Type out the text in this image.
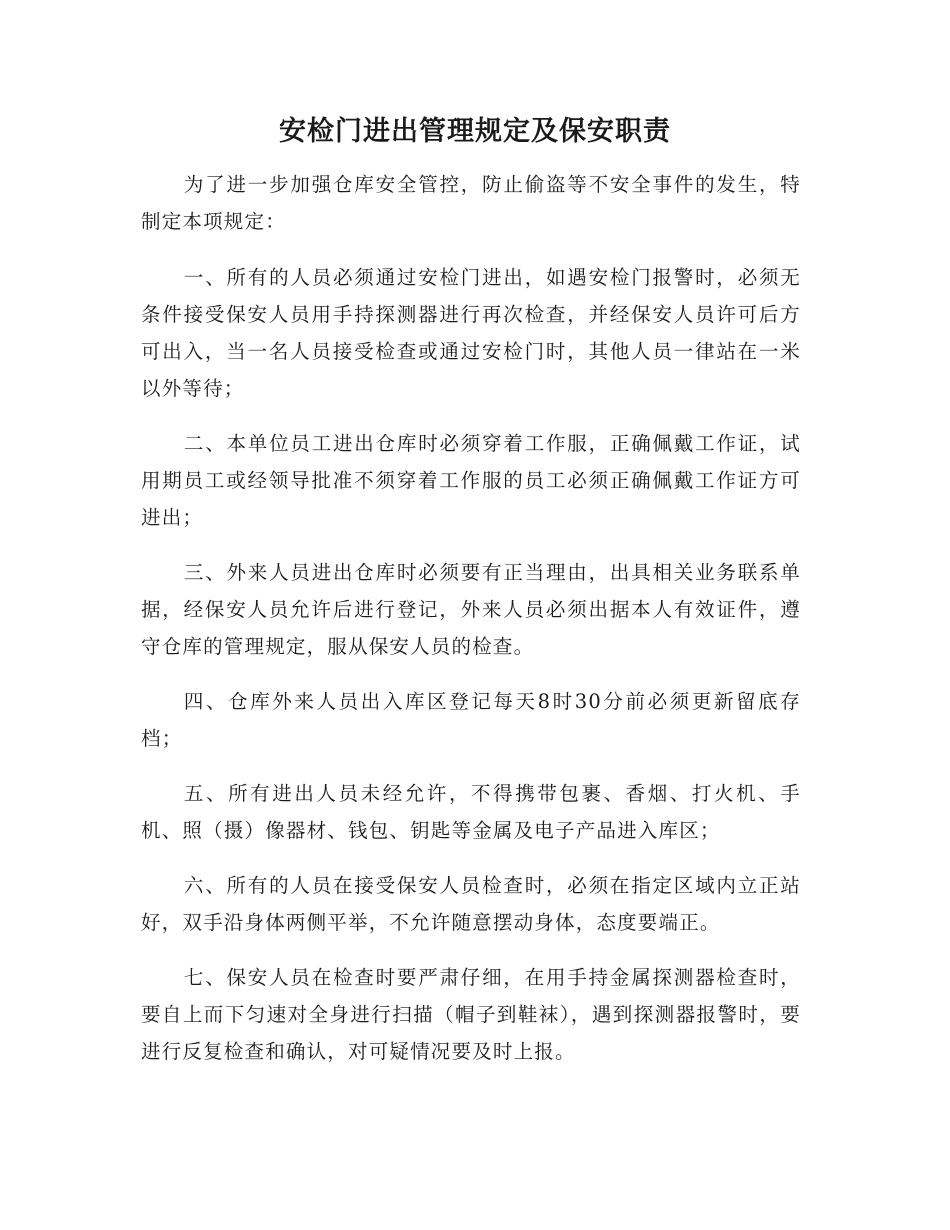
安检门进出管理规定及保安职责

为了进一步加强仓库安全管控，防止偷盗等不安全事件的发生，特制定本项规定：

一、所有的人员必须通过安检门进出，如遇安检门报警时，必须无条件接受保安人员用手持探测器进行再次检查，并经保安人员许可后方可出入，当一名人员接受检查或通过安检门时，其他人员一律站在一米以外等待；

二、本单位员工进出仓库时必须穿着工作服，正确佩戴工作证，试用期员工或经领导批准不须穿着工作服的员工必须正确佩戴工作证方可进出；

三、外来人员进出仓库时必须要有正当理由，出具相关业务联系单据，经保安人员允许后进行登记，外来人员必须出据本人有效证件，遵守仓库的管理规定，服从保安人员的检查。

四、仓库外来人员出入库区登记每天8时30分前必须更新留底存档；

五、所有进出人员未经允许，不得携带包裹、香烟、打火机、手机、照（摄）像器材、钱包、钥匙等金属及电子产品进入库区；

六、所有的人员在接受保安人员检查时，必须在指定区域内立正站好，双手沿身体两侧平举，不允许随意摆动身体，态度要端正。

七、保安人员在检查时要严肃仔细，在用手持金属探测器检查时，要自上而下匀速对全身进行扫描（帽子到鞋袜），遇到探测器报警时，要进行反复检查和确认，对可疑情况要及时上报。
